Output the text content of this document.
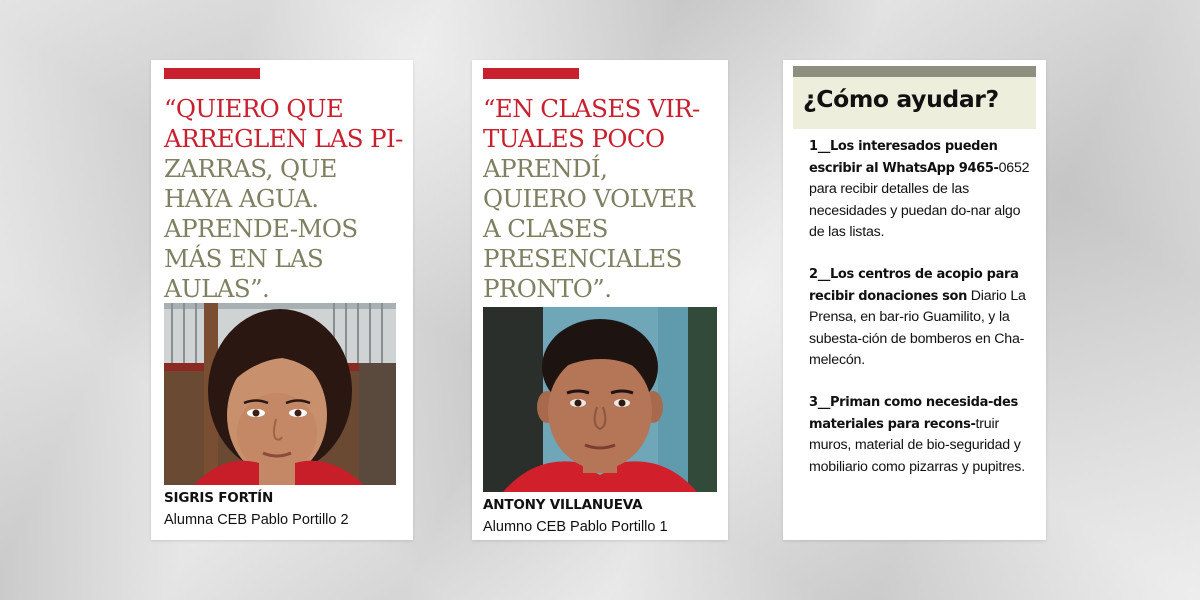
“QUIERO QUE ARREGLEN LAS PI-
ZARRAS, QUE HAYA AGUA. APRENDE-MOS MÁS EN LAS AULAS”.
SIGRIS FORTÍN
Alumna CEB Pablo Portillo 2
“EN CLASES VIR-TUALES POCO
APRENDÍ, QUIERO VOLVER A CLASES PRESENCIALES PRONTO”.
ANTONY VILLANUEVA
Alumno CEB Pablo Portillo 1
¿Cómo ayudar?
1__Los interesados pueden escribir al WhatsApp 9465-0652 para recibir detalles de las necesidades y puedan do-nar algo de las listas.
2__Los centros de acopio para recibir donaciones son Diario La Prensa, en bar-rio Guamilito, y la subesta-ción de bomberos en Cha-melecón.
3__Priman como necesida-des materiales para recons-truir muros, material de bio-seguridad y mobiliario como pizarras y pupitres.
